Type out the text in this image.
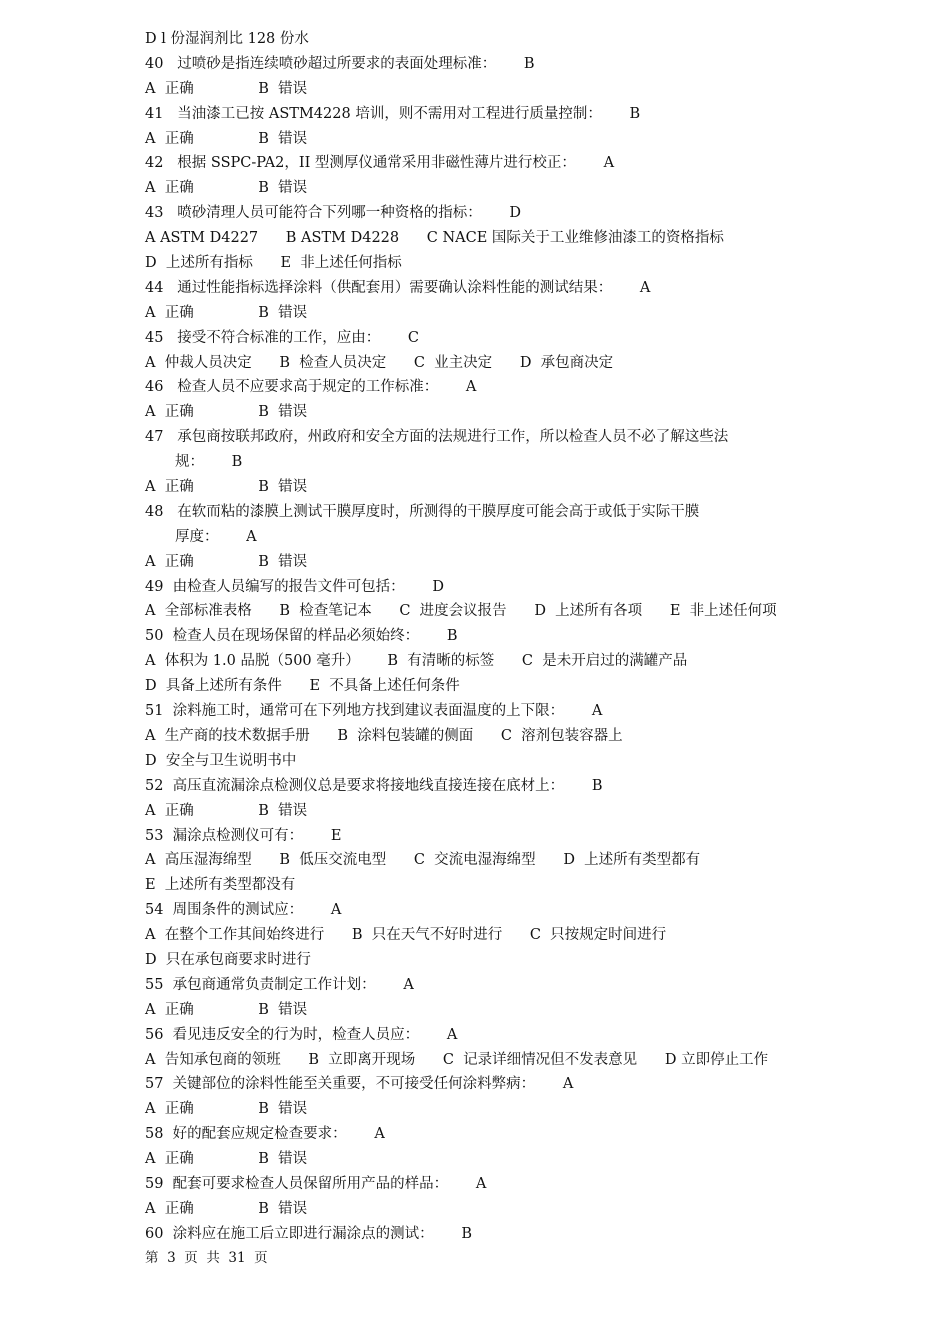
D l 份湿润剂比 128 份水
40   过喷砂是指连续喷砂超过所要求的表面处理标准：      B
A  正确              B  错误
41   当油漆工已按 ASTM4228 培训，则不需用对工程进行质量控制：      B
A  正确              B  错误
42   根据 SSPC-PA2，II 型测厚仪通常采用非磁性薄片进行校正：      A
A  正确              B  错误
43   喷砂清理人员可能符合下列哪一种资格的指标：      D
A ASTM D4227      B ASTM D4228      C NACE 国际关于工业维修油漆工的资格指标
D  上述所有指标      E  非上述任何指标
44   通过性能指标选择涂料（供配套用）需要确认涂料性能的测试结果：      A
A  正确              B  错误
45   接受不符合标准的工作，应由：      C
A  仲裁人员决定      B  检查人员决定      C  业主决定      D  承包商决定
46   检查人员不应要求高于规定的工作标准：      A
A  正确              B  错误
47   承包商按联邦政府，州政府和安全方面的法规进行工作，所以检查人员不必了解这些法
规：      B
A  正确              B  错误
48   在软而粘的漆膜上测试干膜厚度时，所测得的干膜厚度可能会高于或低于实际干膜
厚度：      A
A  正确              B  错误
49  由检查人员编写的报告文件可包括：      D
A  全部标准表格      B  检查笔记本      C  进度会议报告      D  上述所有各项      E  非上述任何项
50  检查人员在现场保留的样品必须始终：      B
A  体积为 1.0 品脱（500 毫升）      B  有清晰的标签      C  是未开启过的满罐产品
D  具备上述所有条件      E  不具备上述任何条件
51  涂料施工时，通常可在下列地方找到建议表面温度的上下限：      A
A  生产商的技术数据手册      B  涂料包装罐的侧面      C  溶剂包装容器上
D  安全与卫生说明书中
52  高压直流漏涂点检测仪总是要求将接地线直接连接在底材上：      B
A  正确              B  错误
53  漏涂点检测仪可有：      E
A  高压湿海绵型      B  低压交流电型      C  交流电湿海绵型      D  上述所有类型都有
E  上述所有类型都没有
54  周围条件的测试应：      A
A  在整个工作其间始终进行      B  只在天气不好时进行      C  只按规定时间进行
D  只在承包商要求时进行
55  承包商通常负责制定工作计划：      A
A  正确              B  错误
56  看见违反安全的行为时，检查人员应：      A
A  告知承包商的领班      B  立即离开现场      C  记录详细情况但不发表意见      D 立即停止工作
57  关键部位的涂料性能至关重要，不可接受任何涂料弊病：      A
A  正确              B  错误
58  好的配套应规定检查要求：      A
A  正确              B  错误
59  配套可要求检查人员保留所用产品的样品：      A
A  正确              B  错误
60  涂料应在施工后立即进行漏涂点的测试：      B
第  3  页  共  31  页
